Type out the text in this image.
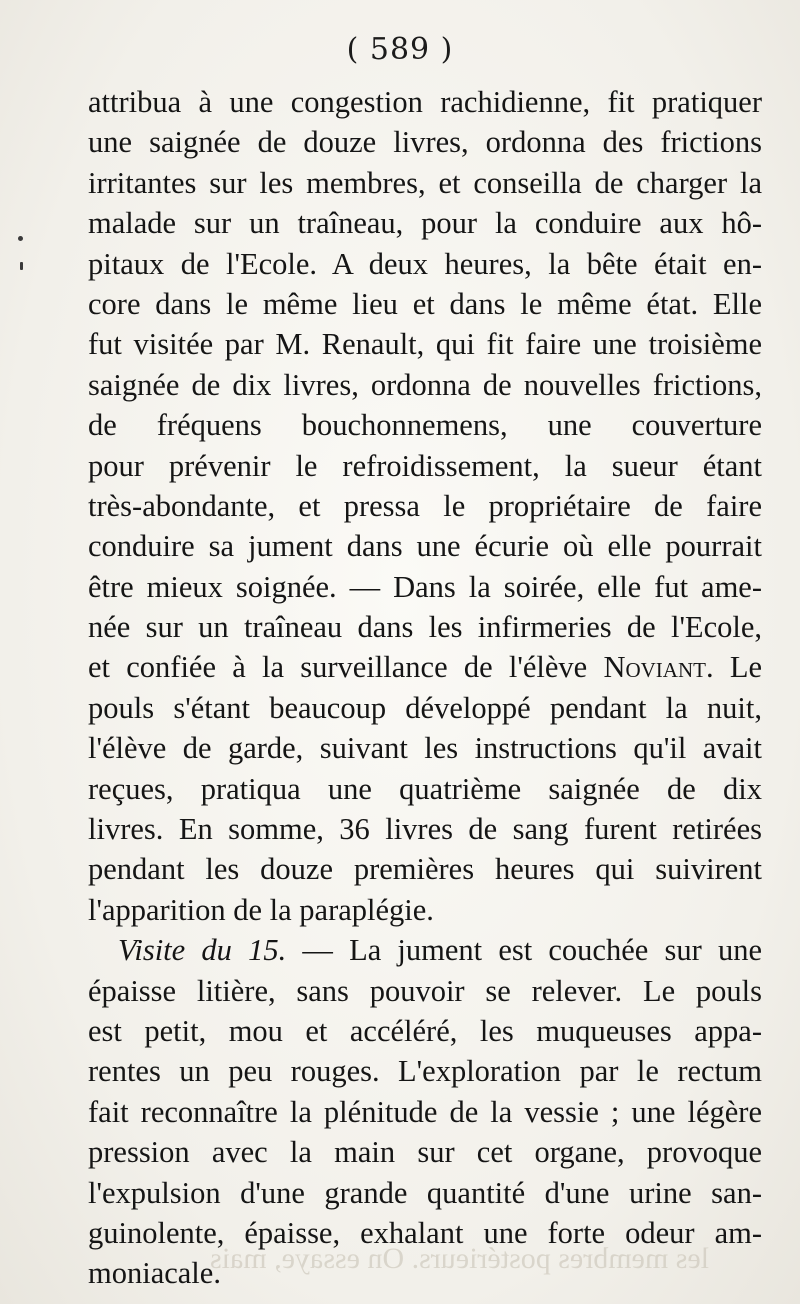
( 589 )
les membres postérieurs. On essaye, mais
attribua à une congestion rachidienne, fit pratiquer
une saignée de douze livres, ordonna des frictions
irritantes sur les membres, et conseilla de charger la
malade sur un traîneau, pour la conduire aux hô-
pitaux de l'Ecole. A deux heures, la bête était en-
core dans le même lieu et dans le même état. Elle
fut visitée par M. Renault, qui fit faire une troisième
saignée de dix livres, ordonna de nouvelles frictions,
de fréquens bouchonnemens, une couverture
pour prévenir le refroidissement, la sueur étant
très-abondante, et pressa le propriétaire de faire
conduire sa jument dans une écurie où elle pourrait
être mieux soignée. — Dans la soirée, elle fut ame-
née sur un traîneau dans les infirmeries de l'Ecole,
et confiée à la surveillance de l'élève Noviant. Le
pouls s'étant beaucoup développé pendant la nuit,
l'élève de garde, suivant les instructions qu'il avait
reçues, pratiqua une quatrième saignée de dix
livres. En somme, 36 livres de sang furent retirées
pendant les douze premières heures qui suivirent
l'apparition de la paraplégie.
Visite du 15. — La jument est couchée sur une
épaisse litière, sans pouvoir se relever. Le pouls
est petit, mou et accéléré, les muqueuses appa-
rentes un peu rouges. L'exploration par le rectum
fait reconnaître la plénitude de la vessie ; une légère
pression avec la main sur cet organe, provoque
l'expulsion d'une grande quantité d'une urine san-
guinolente, épaisse, exhalant une forte odeur am-
moniacale.
